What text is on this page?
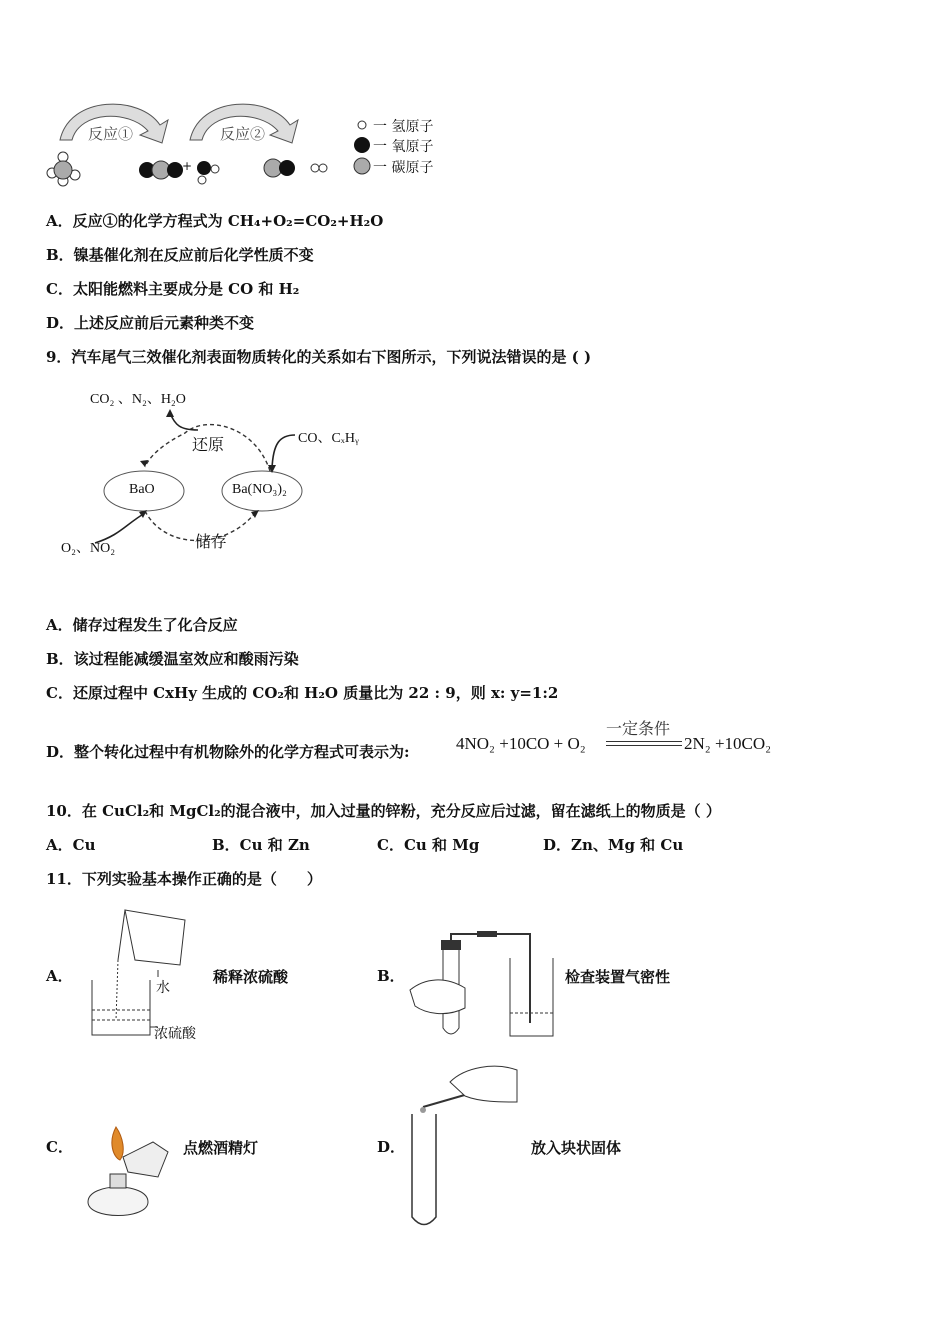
反应①	反应②
+
一 氢原子
一 氧原子
一 碳原子
A．反应①的化学方程式为 CH₄+O₂=CO₂+H₂O
B．镍基催化剂在反应前后化学性质不变
C．太阳能燃料主要成分是 CO 和 H₂
D．上述反应前后元素种类不变
9．汽车尾气三效催化剂表面物质转化的关系如右下图所示，下列说法错误的是 ( )
CO₂ 、N₂、H₂O
还原	CO、CₓHᵧ
BaO	Ba(NO₃)₂
O₂、NO₂	储存
A．储存过程发生了化合反应
B．该过程能减缓温室效应和酸雨污染
C．还原过程中 CxHy 生成的 CO₂和 H₂O 质量比为 22 : 9，则 x: y=1:2
D．整个转化过程中有机物除外的化学方程式可表示为:	4NO₂ +10CO + O₂
一定条件
2N₂ +10CO₂
10．在 CuCl₂和 MgCl₂的混合液中，加入过量的锌粉，充分反应后过滤，留在滤纸上的物质是（ ）
A．Cu	B．Cu 和 Zn	C．Cu 和 Mg	D．Zn、Mg 和 Cu
11．下列实验基本操作正确的是（　　）
A．
水
浓硫酸
稀释浓硫酸	B．	检查装置气密性
C．	点燃酒精灯	D．	放入块状固体
